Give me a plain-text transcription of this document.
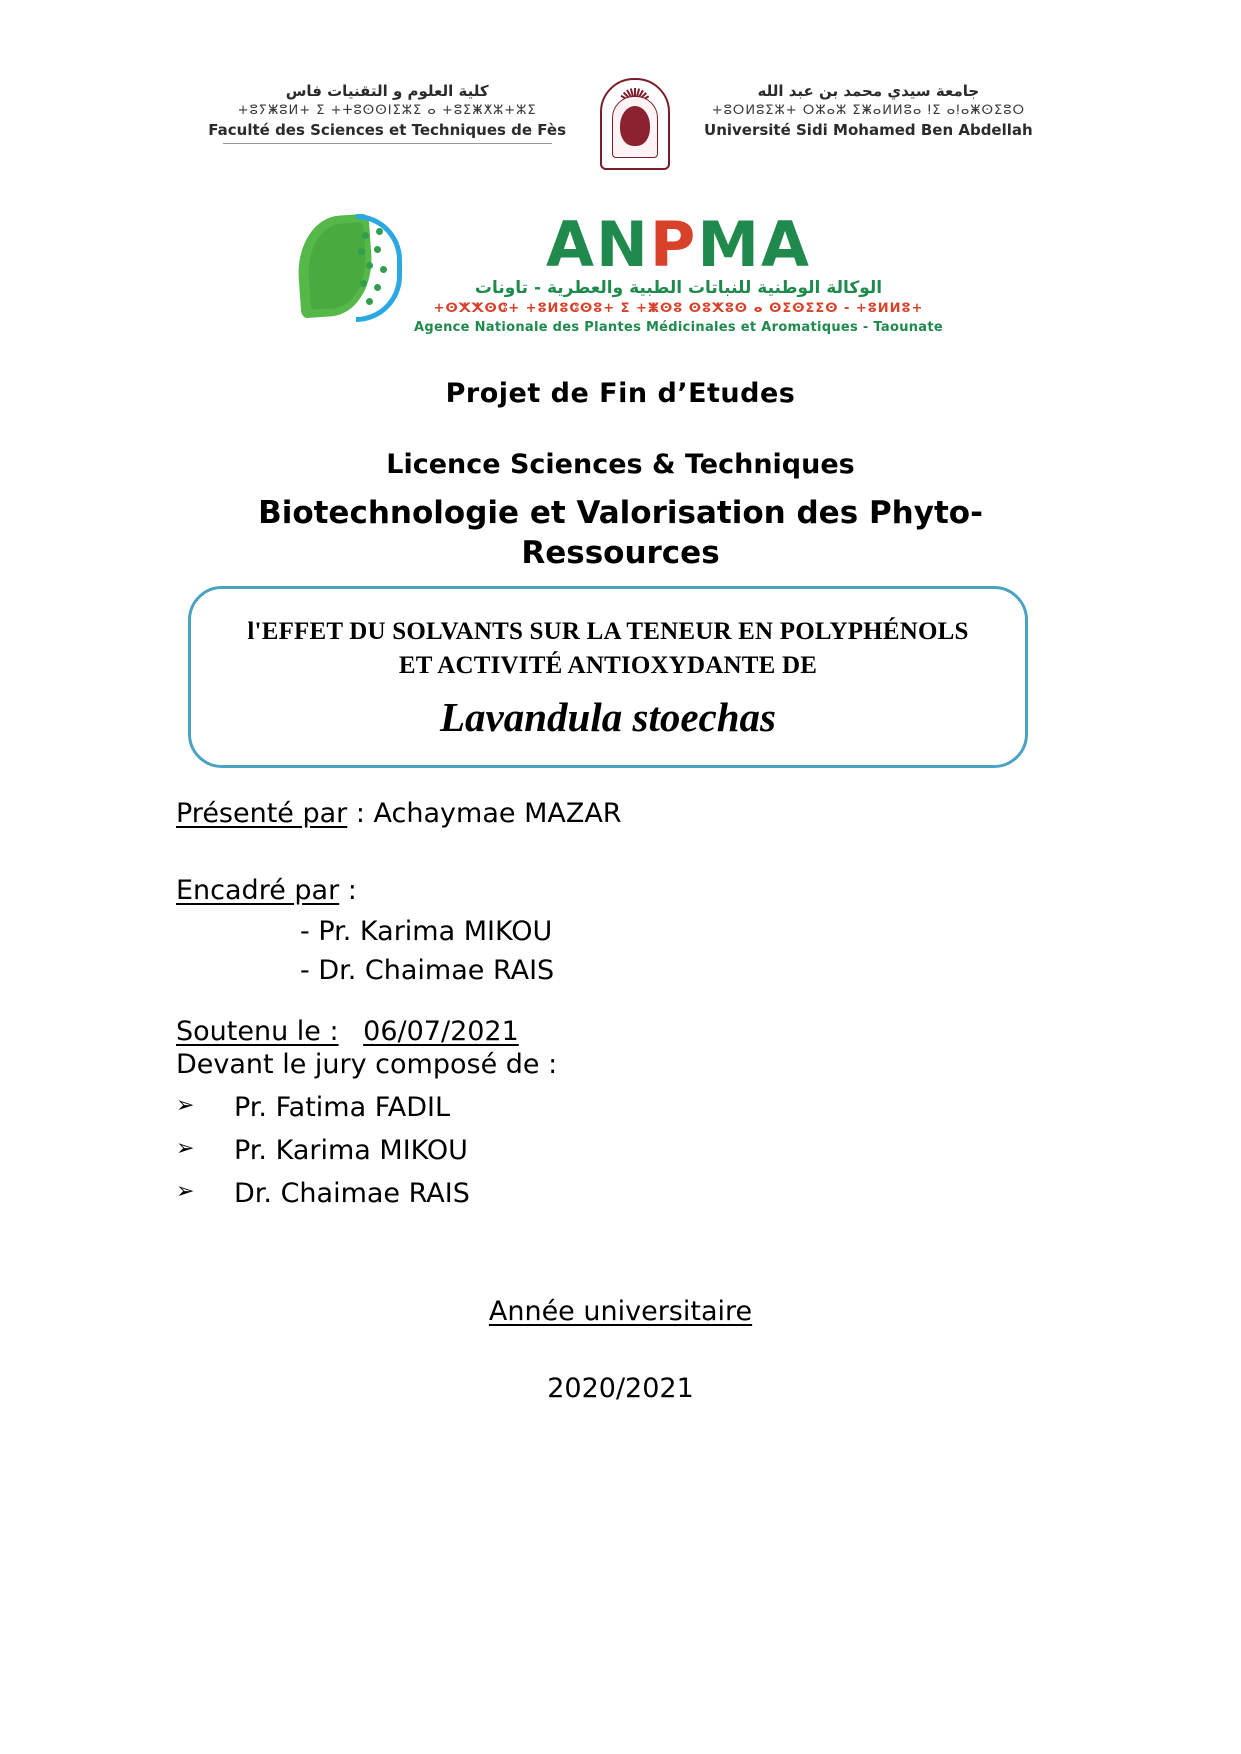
كلية العلوم و التقنيات فاس
+ⵓⵢⵥⵓⵍ+ ⵉ +ⵜⵓⵙⵙⵏⵉⵣⵉ ⴰ +ⵓⵉⵥⵅⵣ+ⵣⵉ
Faculté des Sciences et Techniques de Fès
جامعة سيدي محمد بن عبد الله
+ⵓⵔⵍⵓⵉⵣ+ ⵔⵣⴰⵣ ⵉⵥⴰⵍⵍⵓⴰ ⵑⵉ ⴰⵑⴰⵥⵙⵉⵓⵔ
Université Sidi Mohamed Ben Abdellah
ANPMA
الوكالة الوطنية للنباتات الطبية والعطرية - تاونات
+ⵙⵅⵅⵙⵛ+ +ⵓⵍⵓⵛⵙⵓ+ ⵉ +ⵥⵙⵓ ⵙⵓⵅⵓⵙ ⴰ ⵙⵉⵙⵉⵉⵙ - +ⵓⵍⵍⵓ+
Agence Nationale des Plantes Médicinales et Aromatiques - Taounate
Projet de Fin d’Etudes
Licence Sciences & Techniques
Biotechnologie et Valorisation des Phyto-Ressources
l'EFFET DU SOLVANTS SUR LA TENEUR EN POLYPHÉNOLS
ET ACTIVITÉ ANTIOXYDANTE DE
Lavandula stoechas
Présenté par : Achaymae MAZAR
Encadré par :
- Pr. Karima MIKOU
- Dr. Chaimae RAIS
Soutenu le : 06/07/2021
Devant le jury composé de :
➢ Pr. Fatima FADIL
➢ Pr. Karima MIKOU
➢ Dr. Chaimae RAIS
Année universitaire
2020/2021
